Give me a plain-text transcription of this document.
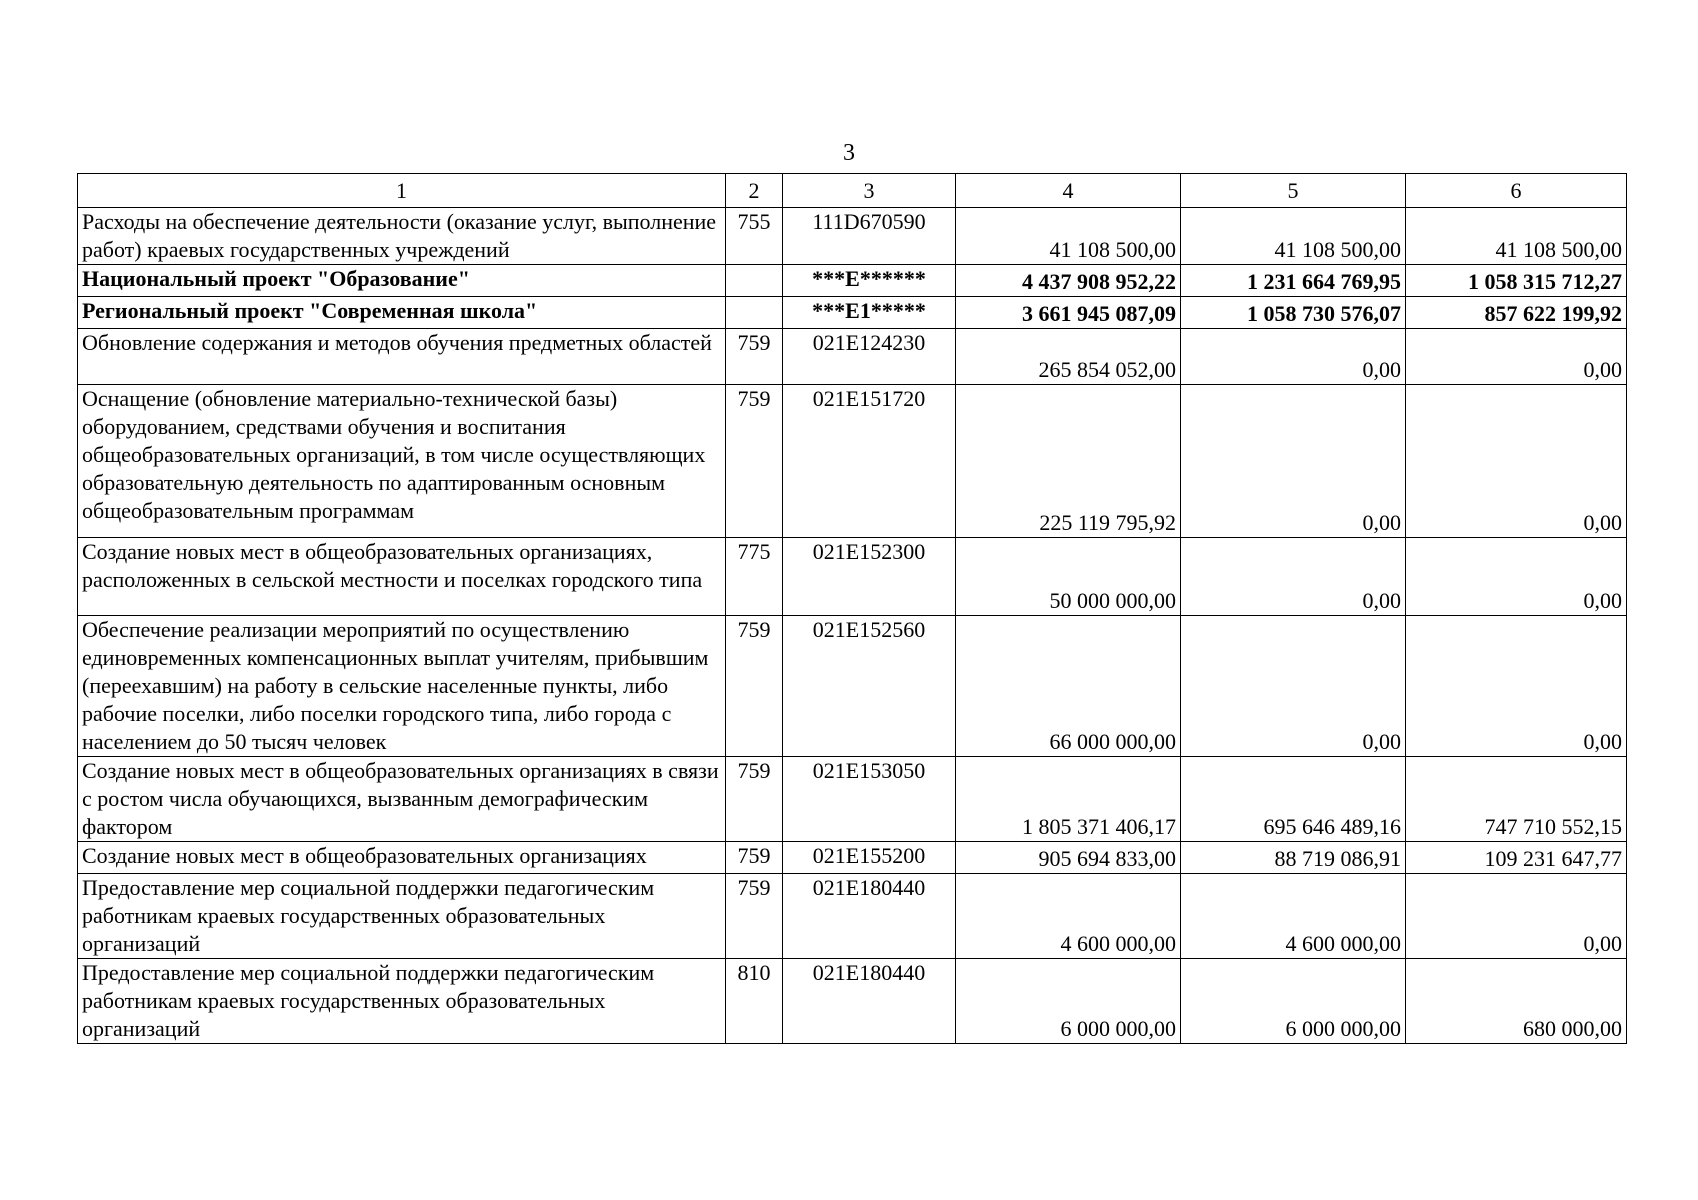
3
1	2	3	4	5	6
Расходы на обеспечение деятельности (оказание услуг, выполнение работ) краевых государственных учреждений	755	111D670590	41 108 500,00	41 108 500,00	41 108 500,00
Национальный проект "Образование"		***E******	4 437 908 952,22	1 231 664 769,95	1 058 315 712,27
Региональный проект "Современная школа"		***E1*****	3 661 945 087,09	1 058 730 576,07	857 622 199,92
Обновление содержания и методов обучения предметных областей	759	021E124230	265 854 052,00	0,00	0,00
Оснащение (обновление материально-технической базы) оборудованием, средствами обучения и воспитания общеобразовательных организаций, в том числе осуществляющих образовательную деятельность по адаптированным основным общеобразовательным программам	759	021E151720	225 119 795,92	0,00	0,00
Создание новых мест в общеобразовательных организациях, расположенных в сельской местности и поселках городского типа	775	021E152300	50 000 000,00	0,00	0,00
Обеспечение реализации мероприятий по осуществлению единовременных компенсационных выплат учителям, прибывшим (переехавшим) на работу в сельские населенные пункты, либо рабочие поселки, либо поселки городского типа, либо города с населением до 50 тысяч человек	759	021E152560	66 000 000,00	0,00	0,00
Создание новых мест в общеобразовательных организациях в связи с ростом числа обучающихся, вызванным демографическим фактором	759	021E153050	1 805 371 406,17	695 646 489,16	747 710 552,15
Создание новых мест в общеобразовательных организациях	759	021E155200	905 694 833,00	88 719 086,91	109 231 647,77
Предоставление мер социальной поддержки педагогическим работникам краевых государственных образовательных организаций	759	021E180440	4 600 000,00	4 600 000,00	0,00
Предоставление мер социальной поддержки педагогическим работникам краевых государственных образовательных организаций	810	021E180440	6 000 000,00	6 000 000,00	680 000,00
